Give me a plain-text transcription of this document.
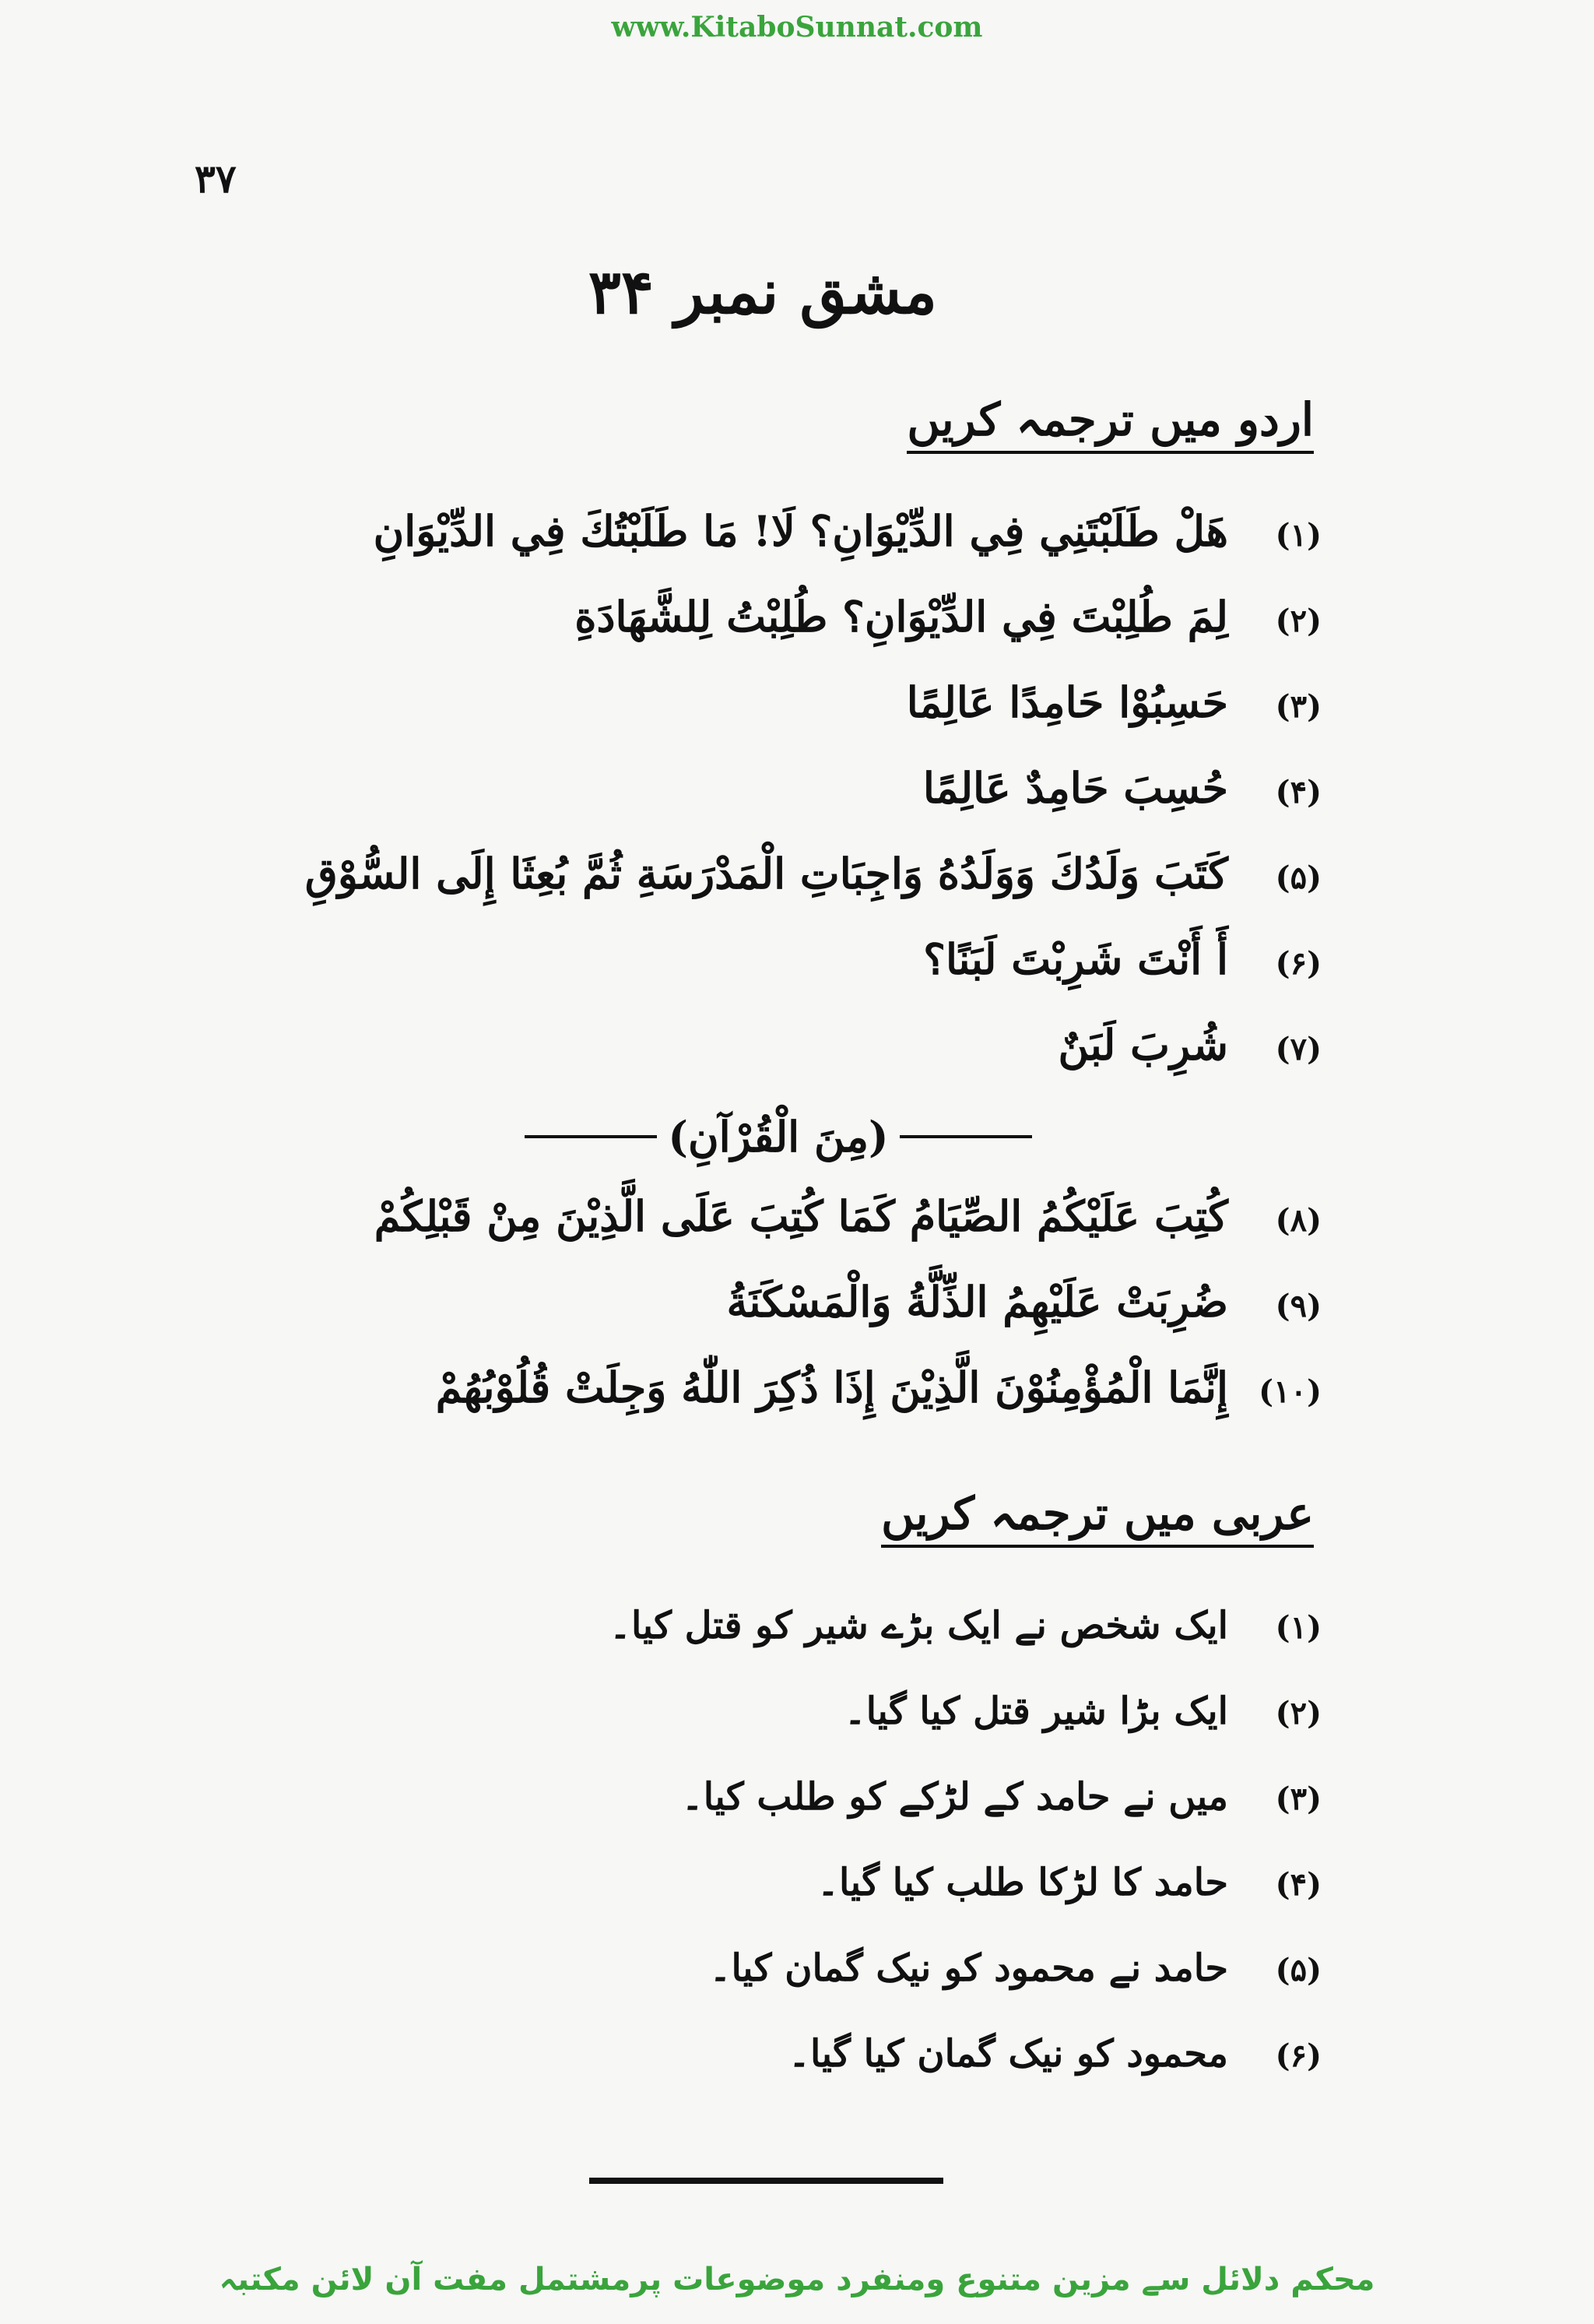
www.KitaboSunnat.com
۳۷
مشق نمبر ۳۴
اردو میں ترجمہ کریں
(۱)
هَلْ طَلَبْتَنِي فِي الدِّيْوَانِ؟ لَا! مَا طَلَبْتُكَ فِي الدِّيْوَانِ
(۲)
لِمَ طُلِبْتَ فِي الدِّيْوَانِ؟ طُلِبْتُ لِلشَّهَادَةِ
(۳)
حَسِبُوْا حَامِدًا عَالِمًا
(۴)
حُسِبَ حَامِدٌ عَالِمًا
(۵)
كَتَبَ وَلَدُكَ وَوَلَدُهُ وَاجِبَاتِ الْمَدْرَسَةِ ثُمَّ بُعِثَا إِلَى السُّوْقِ
(۶)
أَ أَنْتَ شَرِبْتَ لَبَنًا؟
(۷)
شُرِبَ لَبَنٌ
(مِنَ الْقُرْآنِ)
(۸)
كُتِبَ عَلَيْكُمُ الصِّيَامُ كَمَا كُتِبَ عَلَى الَّذِيْنَ مِنْ قَبْلِكُمْ
(۹)
ضُرِبَتْ عَلَيْهِمُ الذِّلَّةُ وَالْمَسْكَنَةُ
(۱۰)
إِنَّمَا الْمُؤْمِنُوْنَ الَّذِيْنَ إِذَا ذُكِرَ اللّٰهُ وَجِلَتْ قُلُوْبُهُمْ
عربی میں ترجمہ کریں
(۱)
ایک شخص نے ایک بڑے شیر کو قتل کیا۔
(۲)
ایک بڑا شیر قتل کیا گیا۔
(۳)
میں نے حامد کے لڑکے کو طلب کیا۔
(۴)
حامد کا لڑکا طلب کیا گیا۔
(۵)
حامد نے محمود کو نیک گمان کیا۔
(۶)
محمود کو نیک گمان کیا گیا۔
محکم دلائل سے مزین متنوع ومنفرد موضوعات پرمشتمل مفت آن لائن مکتبہ
